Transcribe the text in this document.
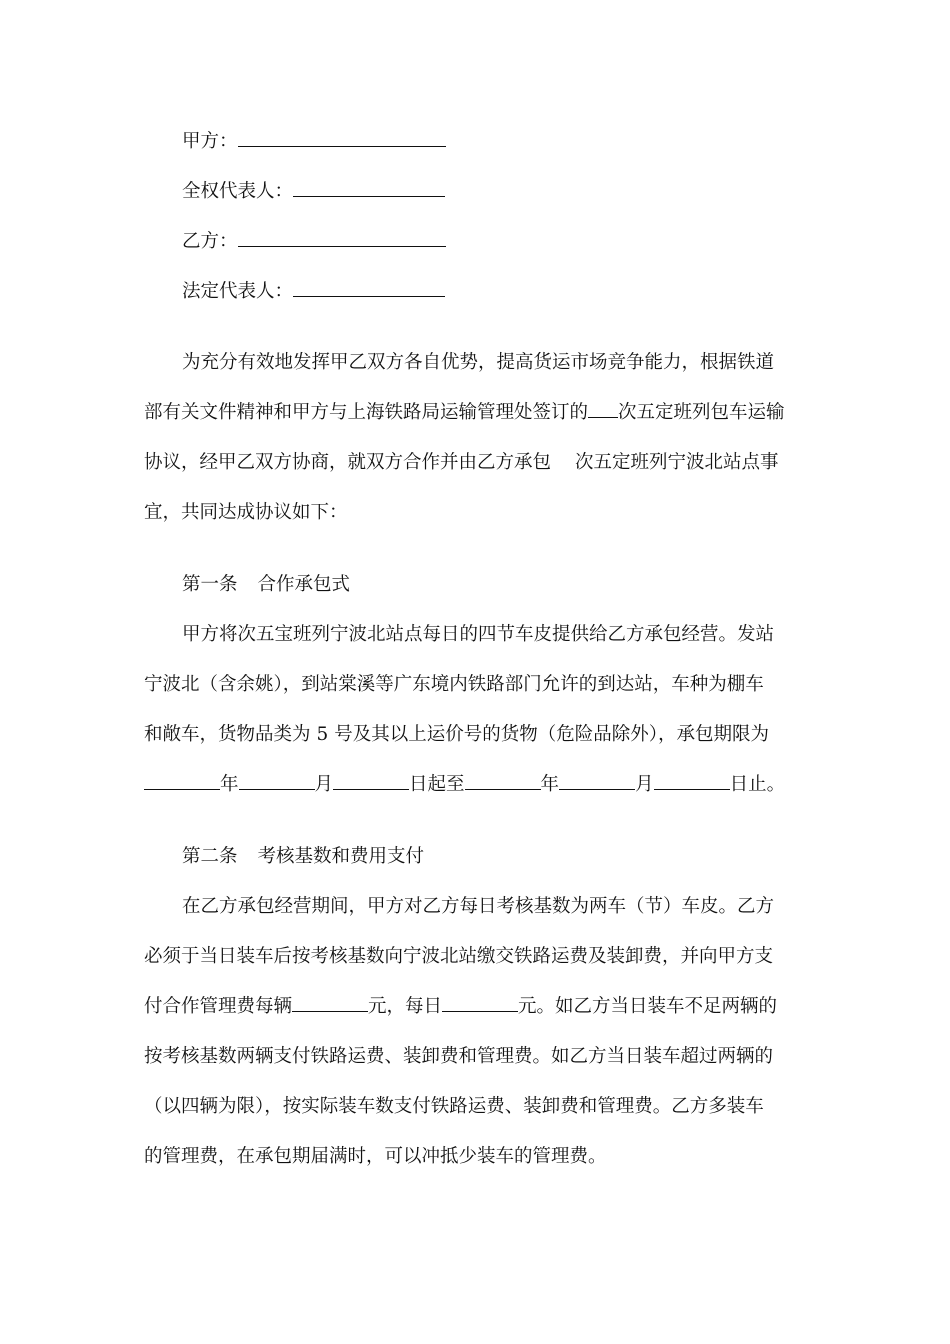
甲方：
全权代表人：
乙方：
法定代表人：
为充分有效地发挥甲乙双方各自优势，提高货运市场竞争能力，根据铁道
部有关文件精神和甲方与上海铁路局运输管理处签订的 次五定班列包车运输
协议，经甲乙双方协商，就双方合作并由乙方承包 次五定班列宁波北站点事
宜，共同达成协议如下：
第一条 合作承包式
甲方将次五宝班列宁波北站点每日的四节车皮提供给乙方承包经营。发站
宁波北（含余姚），到站棠溪等广东境内铁路部门允许的到达站，车种为棚车
和敞车，货物品类为 5 号及其以上运价号的货物（危险品除外），承包期限为
年	月	日起至	年	月	日止。
第二条 考核基数和费用支付
在乙方承包经营期间，甲方对乙方每日考核基数为两车（节）车皮。乙方
必须于当日装车后按考核基数向宁波北站缴交铁路运费及装卸费，并向甲方支
付合作管理费每辆	元，每日	元。如乙方当日装车不足两辆的
按考核基数两辆支付铁路运费、装卸费和管理费。如乙方当日装车超过两辆的
（以四辆为限），按实际装车数支付铁路运费、装卸费和管理费。乙方多装车
的管理费，在承包期届满时，可以冲抵少装车的管理费。
